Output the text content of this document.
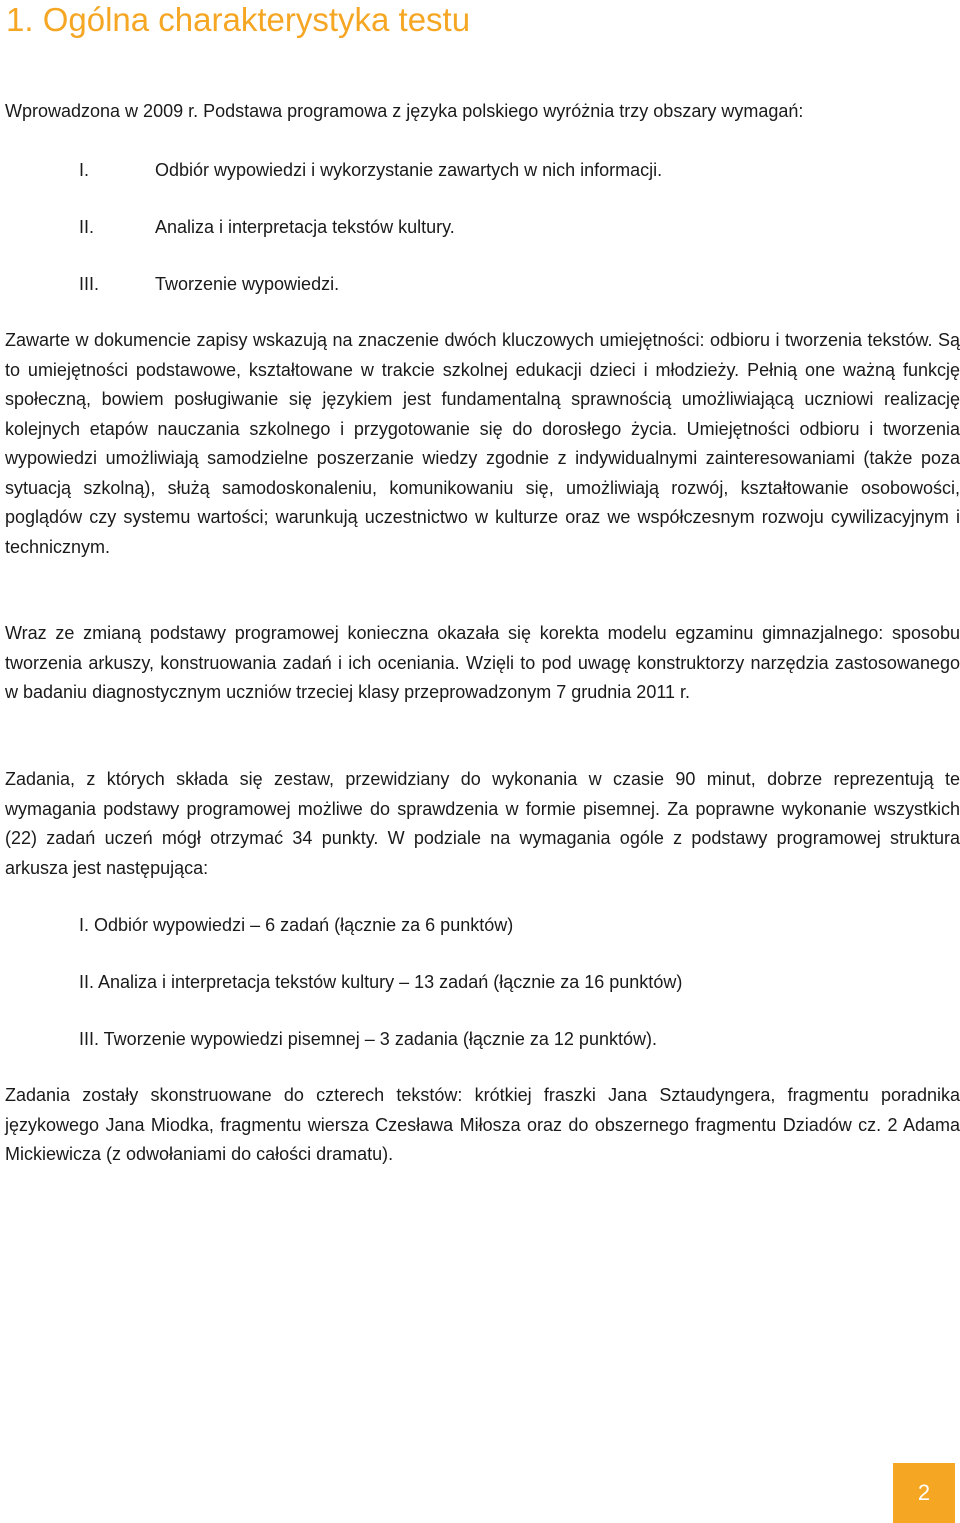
1. Ogólna charakterystyka testu

Wprowadzona w 2009 r. Podstawa programowa z języka polskiego wyróżnia trzy obszary wymagań:

I.	Odbiór wypowiedzi i wykorzystanie zawartych w nich informacji.
II.	Analiza i interpretacja tekstów kultury.
III.	Tworzenie wypowiedzi.

Zawarte w dokumencie zapisy wskazują na znaczenie dwóch kluczowych umiejętności: odbioru i tworzenia tekstów. Są to umiejętności podstawowe, kształtowane w trakcie szkolnej edukacji dzieci i młodzieży. Pełnią one ważną funkcję społeczną, bowiem posługiwanie się językiem jest fundamentalną sprawnością umożliwiającą uczniowi realizację kolejnych etapów nauczania szkolnego i przygotowanie się do dorosłego życia. Umiejętności odbioru i tworzenia wypowiedzi umożliwiają samodzielne poszerzanie wiedzy zgodnie z indywidualnymi zainteresowaniami (także poza sytuacją szkolną), służą samodoskonaleniu, komunikowaniu się, umożliwiają rozwój, kształtowanie osobowości, poglądów czy systemu wartości; warunkują uczestnictwo w kulturze oraz we współczesnym rozwoju cywilizacyjnym i technicznym.

Wraz ze zmianą podstawy programowej konieczna okazała się korekta modelu egzaminu gimnazjalnego: sposobu tworzenia arkuszy, konstruowania zadań i ich oceniania. Wzięli to pod uwagę konstruktorzy narzędzia zastosowanego w badaniu diagnostycznym uczniów trzeciej klasy przeprowadzonym 7 grudnia 2011 r.

Zadania, z których składa się zestaw, przewidziany do wykonania w czasie 90 minut, dobrze reprezentują te wymagania podstawy programowej możliwe do sprawdzenia w formie pisemnej. Za poprawne wykonanie wszystkich (22) zadań uczeń mógł otrzymać 34 punkty. W podziale na wymagania ogóle z podstawy programowej struktura arkusza jest następująca:

I. Odbiór wypowiedzi – 6 zadań (łącznie za 6 punktów)
II. Analiza i interpretacja tekstów kultury – 13 zadań (łącznie za 16 punktów)
III. Tworzenie wypowiedzi pisemnej – 3 zadania (łącznie za 12 punktów).

Zadania zostały skonstruowane do czterech tekstów: krótkiej fraszki Jana Sztaudyngera, fragmentu poradnika językowego Jana Miodka, fragmentu wiersza Czesława Miłosza oraz do obszernego fragmentu Dziadów cz. 2 Adama Mickiewicza (z odwołaniami do całości dramatu).

2
